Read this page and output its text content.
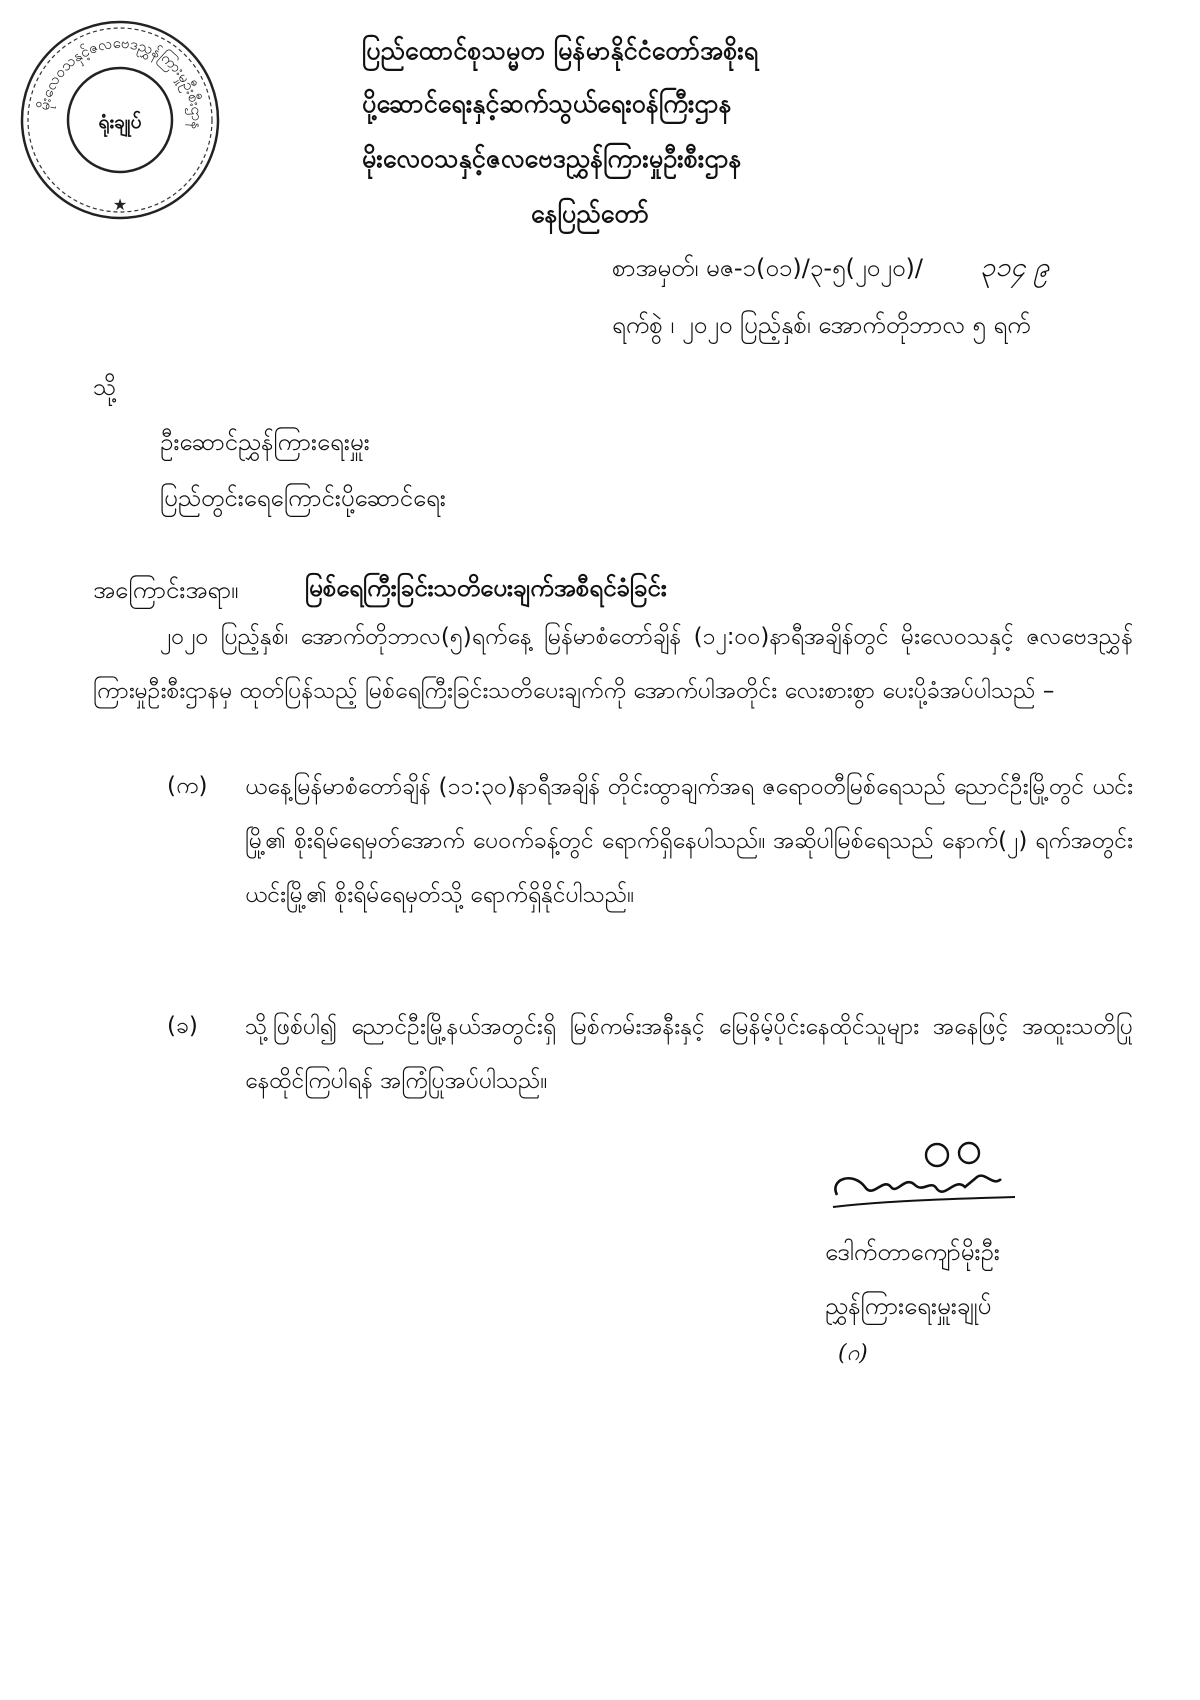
မိုးလေဝသနှင့်ဇလဗေဒညွှန်ကြားမှုဦးစီးဌာန
ရုံးချုပ်
★
ပြည်ထောင်စုသမ္မတ မြန်မာနိုင်ငံတော်အစိုးရ
ပို့ဆောင်ရေးနှင့်ဆက်သွယ်ရေးဝန်ကြီးဌာန
မိုးလေဝသနှင့်ဇလဗေဒညွှန်ကြားမှုဦးစီးဌာန
နေပြည်တော်
စာအမှတ်၊ မဇ-၁(၀၁)/၃-၅(၂၀၂၀)/ ၃၁၄ ၉
ရက်စွဲ ၊ ၂၀၂၀ ပြည့်နှစ်၊ အောက်တိုဘာလ ၅ ရက်
သို့
ဦးဆောင်ညွှန်ကြားရေးမှူး
ပြည်တွင်းရေကြောင်းပို့ဆောင်ရေး
အကြောင်းအရာ။	မြစ်ရေကြီးခြင်းသတိပေးချက်အစီရင်ခံခြင်း
၂၀၂၀ ပြည့်နှစ်၊ အောက်တိုဘာလ(၅)ရက်နေ့ မြန်မာစံတော်ချိန် (၁၂:၀၀)နာရီအချိန်တွင် မိုးလေဝသနှင့် ဇလဗေဒညွှန်ကြားမှုဦးစီးဌာနမှ ထုတ်ပြန်သည့် မြစ်ရေကြီးခြင်းသတိပေးချက်ကို အောက်ပါအတိုင်း လေးစားစွာ ပေးပို့ခံအပ်ပါသည် –
(က) ယနေ့မြန်မာစံတော်ချိန် (၁၁:၃၀)နာရီအချိန် တိုင်းထွာချက်အရ ဇရောဝတီမြစ်ရေသည် ညောင်ဦးမြို့တွင် ယင်းမြို့၏ စိုးရိမ်ရေမှတ်အောက် ပေဝက်ခန့်တွင် ရောက်ရှိနေပါသည်။ အဆိုပါမြစ်ရေသည် နောက်(၂) ရက်အတွင်း ယင်းမြို့၏ စိုးရိမ်ရေမှတ်သို့ ရောက်ရှိနိုင်ပါသည်။
(ခ) သို့ဖြစ်ပါ၍ ညောင်ဦးမြို့နယ်အတွင်းရှိ မြစ်ကမ်းအနီးနှင့် မြေနိမ့်ပိုင်းနေထိုင်သူများ အနေဖြင့် အထူးသတိပြုနေထိုင်ကြပါရန် အကြံပြုအပ်ပါသည်။
ဒေါက်တာကျော်မိုးဦး
ညွှန်ကြားရေးမှူးချုပ်
(ဂ)
